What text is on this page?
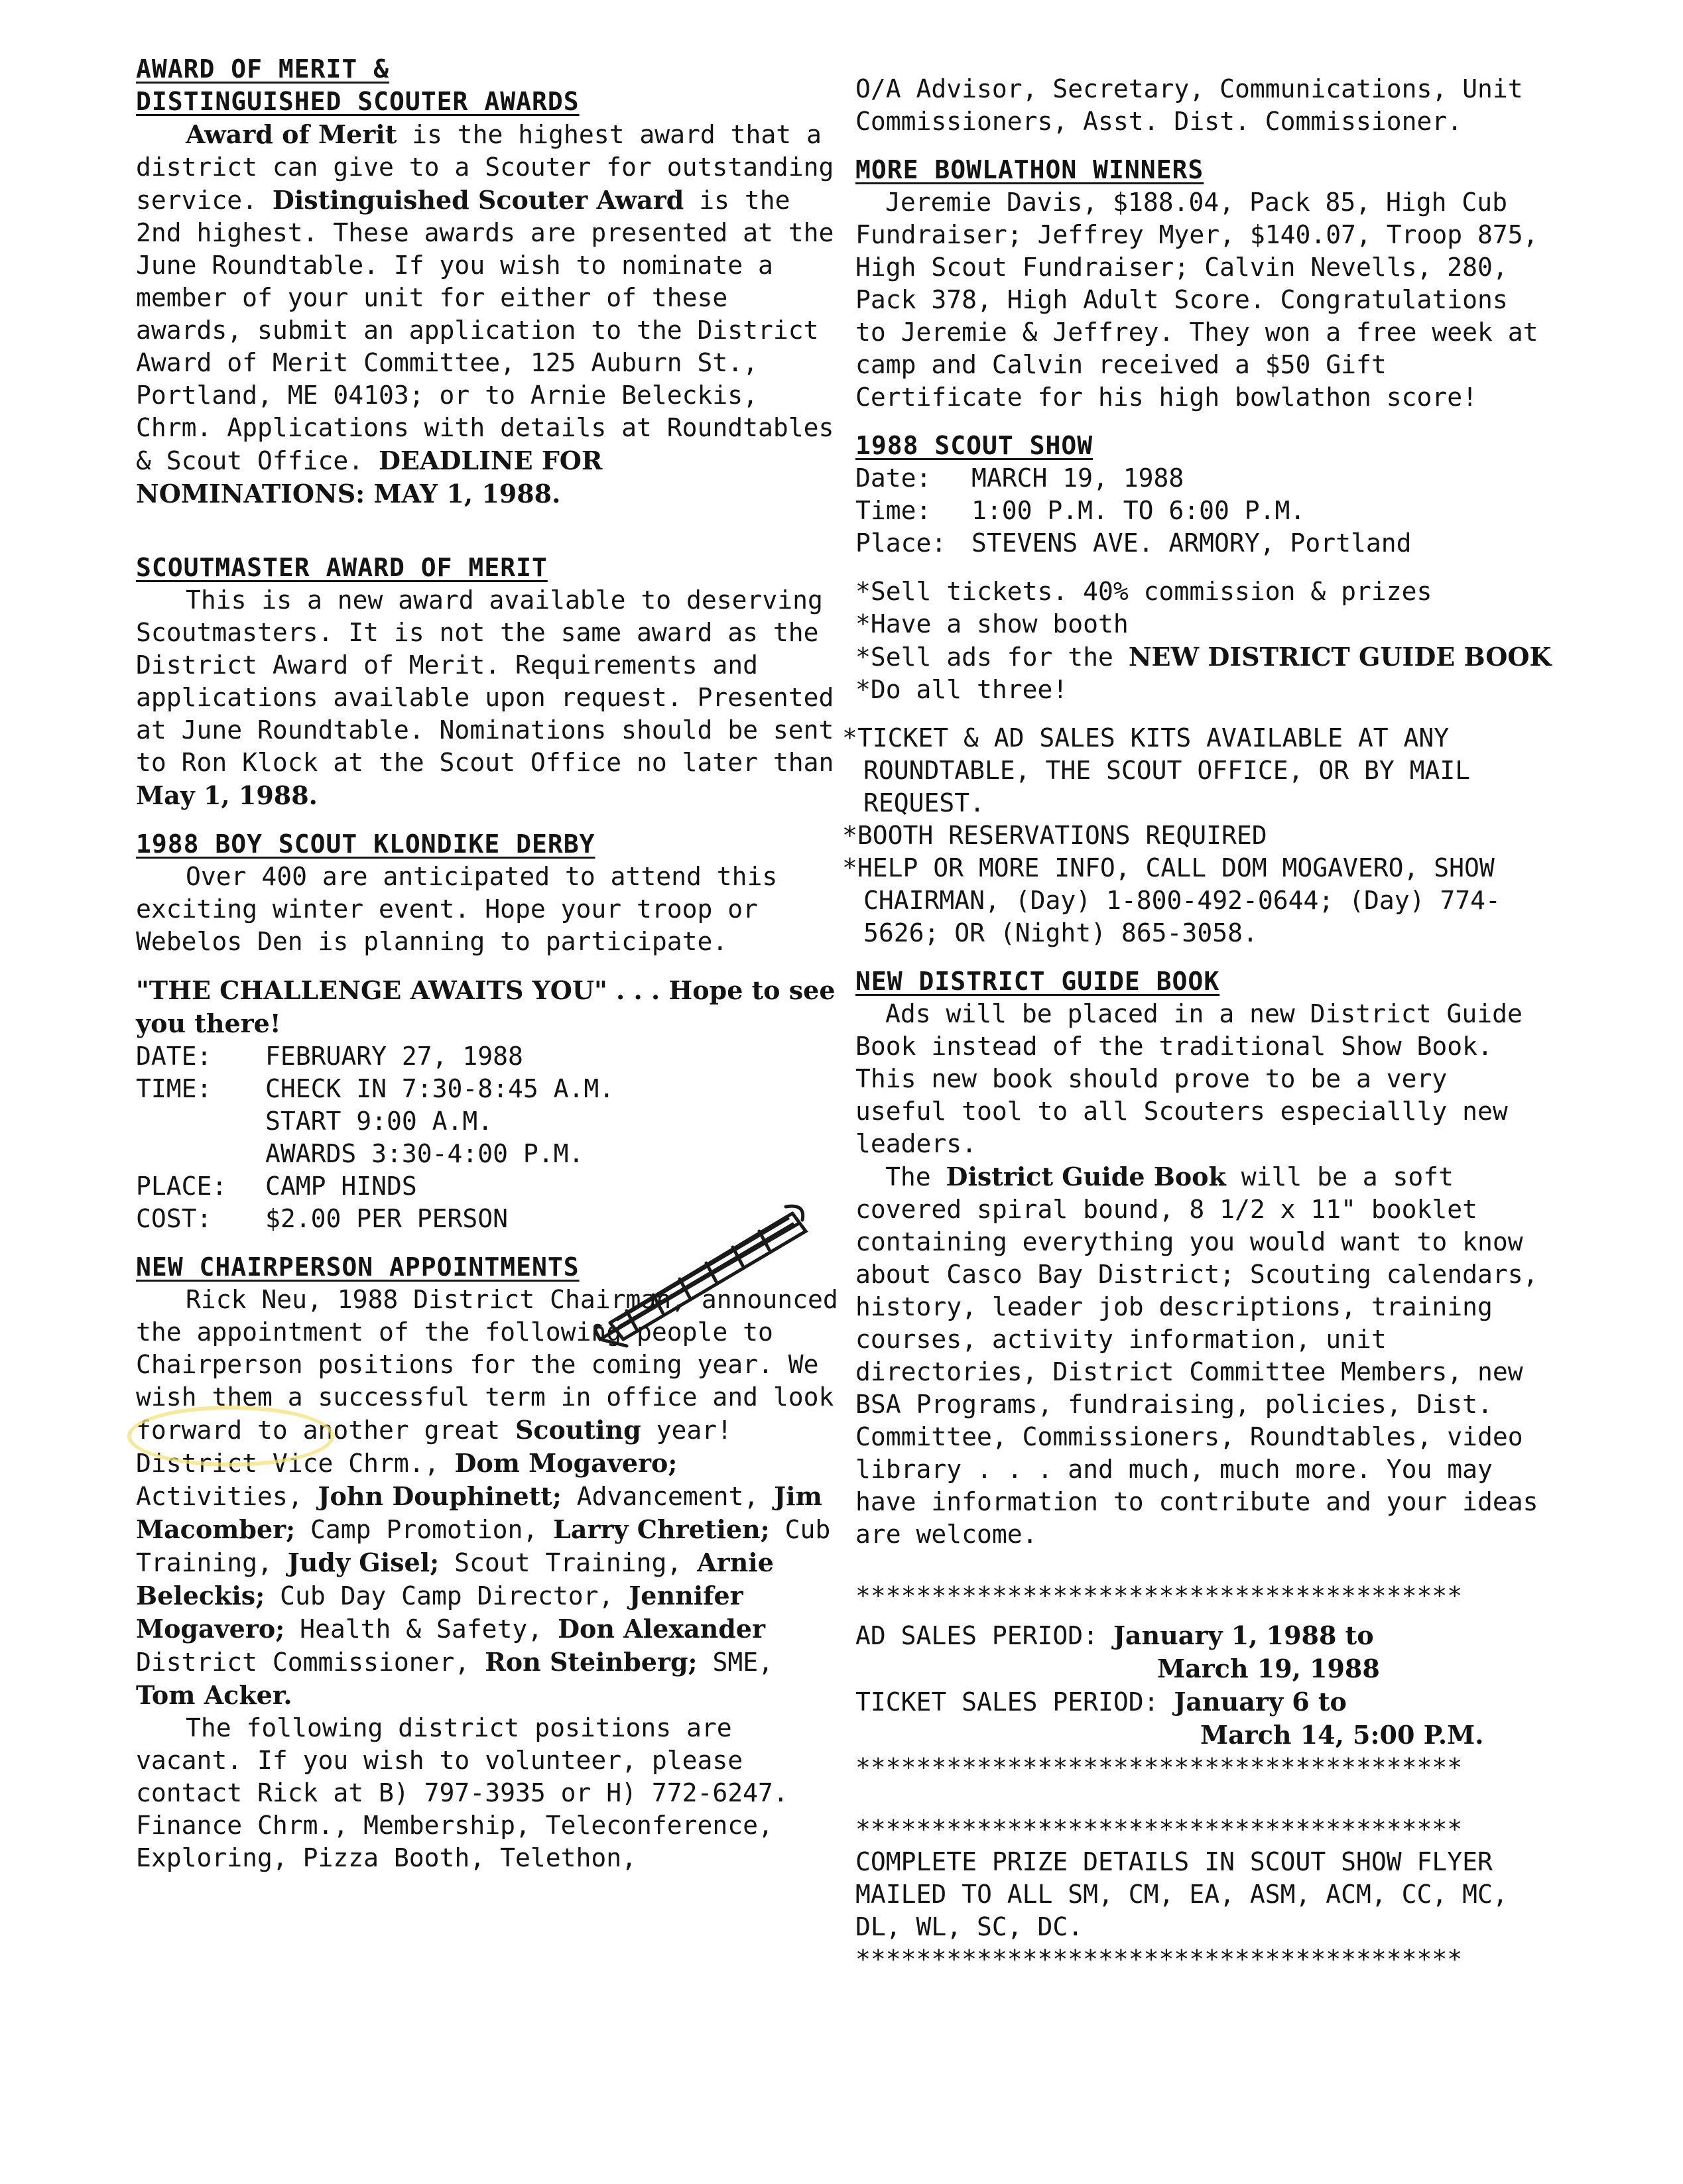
AWARD OF MERIT &

DISTINGUISHED SCOUTER AWARDS

Award of Merit is the highest award that a district can give to a Scouter for outstanding service. Distinguished Scouter Award is the 2nd highest. These awards are presented at the June Roundtable. If you wish to nominate a member of your unit for either of these awards, submit an application to the District Award of Merit Committee, 125 Auburn St., Portland, ME 04103; or to Arnie Beleckis, Chrm. Applications with details at Roundtables & Scout Office. DEADLINE FOR NOMINATIONS: MAY 1, 1988.

SCOUTMASTER AWARD OF MERIT

This is a new award available to deserving Scoutmasters. It is not the same award as the District Award of Merit. Requirements and applications available upon request. Presented at June Roundtable. Nominations should be sent to Ron Klock at the Scout Office no later than May 1, 1988.

1988 BOY SCOUT KLONDIKE DERBY

Over 400 are anticipated to attend this exciting winter event. Hope your troop or Webelos Den is planning to participate.

"THE CHALLENGE AWAITS YOU" . . . Hope to see you there!

DATE:	FEBRUARY 27, 1988
TIME:	CHECK IN 7:30-8:45 A.M.
START 9:00 A.M.
AWARDS 3:30-4:00 P.M.
PLACE:	CAMP HINDS
COST:	$2.00 PER PERSON

NEW CHAIRPERSON APPOINTMENTS

Rick Neu, 1988 District Chairman, announced the appointment of the following people to Chairperson positions for the coming year. We wish them a successful term in office and look forward to another great Scouting year! District Vice Chrm., Dom Mogavero; Activities, John Douphinett; Advancement, Jim Macomber; Camp Promotion, Larry Chretien; Cub Training, Judy Gisel; Scout Training, Arnie Beleckis; Cub Day Camp Director, Jennifer Mogavero; Health & Safety, Don Alexander District Commissioner, Ron Steinberg; SME, Tom Acker.

The following district positions are vacant. If you wish to volunteer, please contact Rick at B) 797-3935 or H) 772-6247.

Finance Chrm., Membership, Teleconference, Exploring, Pizza Booth, Telethon,

O/A Advisor, Secretary, Communications, Unit Commissioners, Asst. Dist. Commissioner.

MORE BOWLATHON WINNERS

Jeremie Davis, $188.04, Pack 85, High Cub Fundraiser; Jeffrey Myer, $140.07, Troop 875, High Scout Fundraiser; Calvin Nevells, 280, Pack 378, High Adult Score. Congratulations to Jeremie & Jeffrey. They won a free week at camp and Calvin received a $50 Gift Certificate for his high bowlathon score!

1988 SCOUT SHOW

Date:	MARCH 19, 1988
Time:	1:00 P.M. TO 6:00 P.M.
Place: STEVENS AVE. ARMORY, Portland

*Sell tickets. 40% commission & prizes

*Have a show booth

*Sell ads for the NEW DISTRICT GUIDE BOOK

*Do all three!

*TICKET & AD SALES KITS AVAILABLE AT ANY ROUNDTABLE, THE SCOUT OFFICE, OR BY MAIL REQUEST.

*BOOTH RESERVATIONS REQUIRED

*HELP OR MORE INFO, CALL DOM MOGAVERO, SHOW CHAIRMAN, (Day) 1-800-492-0644; (Day) 774-5626; OR (Night) 865-3058.

NEW DISTRICT GUIDE BOOK

Ads will be placed in a new District Guide Book instead of the traditional Show Book. This new book should prove to be a very useful tool to all Scouters especiallly new leaders.

The District Guide Book will be a soft covered spiral bound, 8 1/2 x 11" booklet containing everything you would want to know about Casco Bay District; Scouting calendars, history, leader job descriptions, training courses, activity information, unit directories, District Committee Members, new BSA Programs, fundraising, policies, Dist. Committee, Commissioners, Roundtables, video library . . . and much, much more. You may have information to contribute and your ideas are welcome.

****************************************

AD SALES PERIOD: January 1, 1988 to

March 19, 1988

TICKET SALES PERIOD: January 6 to

March 14, 5:00 P.M.

****************************************

****************************************

COMPLETE PRIZE DETAILS IN SCOUT SHOW FLYER MAILED TO ALL SM, CM, EA, ASM, ACM, CC, MC, DL, WL, SC, DC.

****************************************
